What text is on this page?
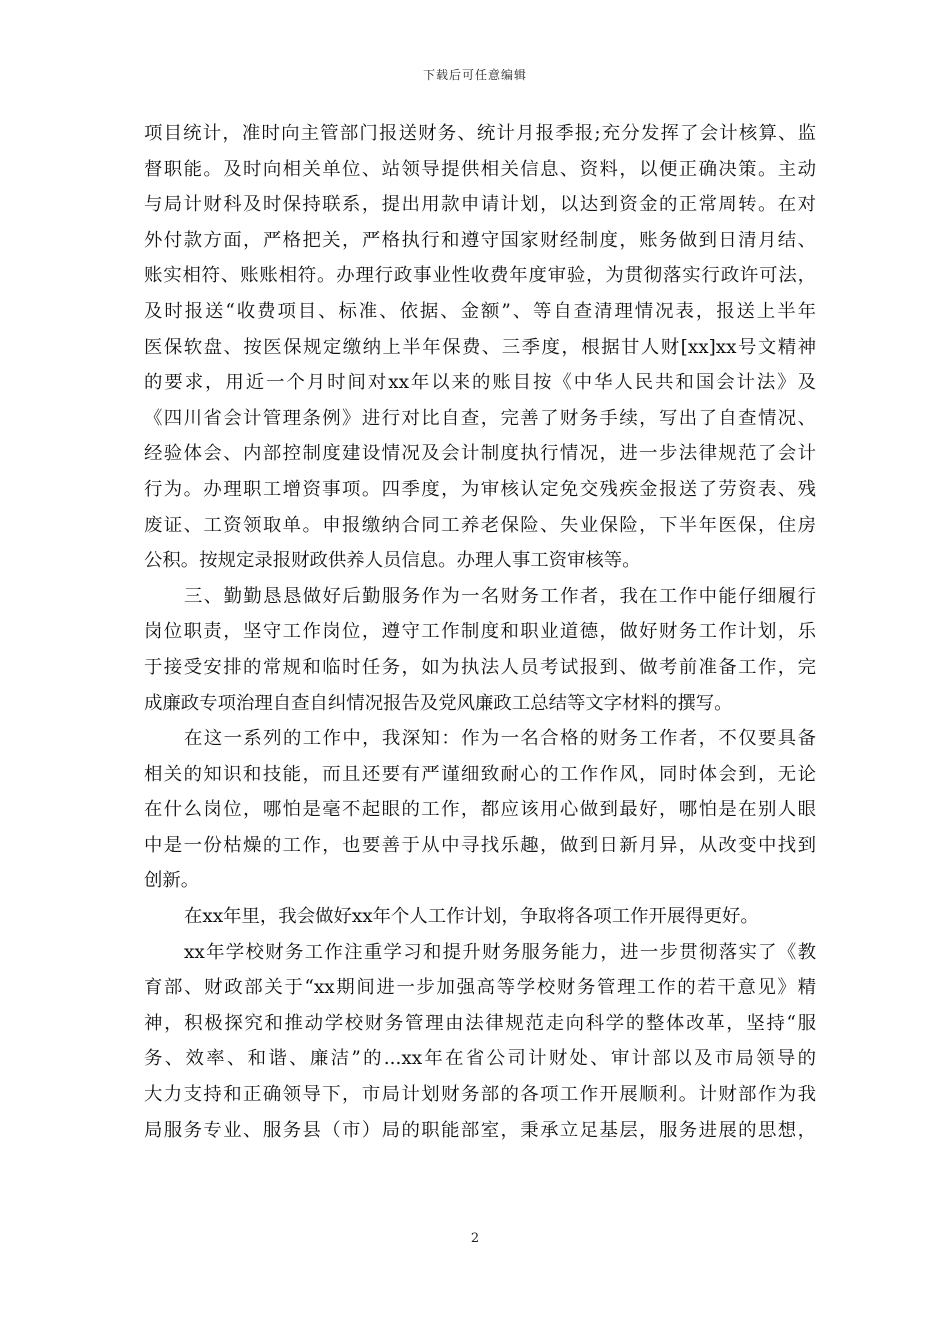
下载后可任意编辑
项目统计，准时向主管部门报送财务、统计月报季报;充分发挥了会计核算、监
督职能。及时向相关单位、站领导提供相关信息、资料，以便正确决策。主动
与局计财科及时保持联系，提出用款申请计划，以达到资金的正常周转。在对
外付款方面，严格把关，严格执行和遵守国家财经制度，账务做到日清月结、
账实相符、账账相符。办理行政事业性收费年度审验，为贯彻落实行政许可法，
及时报送“收费项目、标准、依据、金额”、等自查清理情况表，报送上半年
医保软盘、按医保规定缴纳上半年保费、三季度，根据甘人财[xx]xx号文精神
的要求，用近一个月时间对xx年以来的账目按《中华人民共和国会计法》及
《四川省会计管理条例》进行对比自查，完善了财务手续，写出了自查情况、
经验体会、内部控制度建设情况及会计制度执行情况，进一步法律规范了会计
行为。办理职工增资事项。四季度，为审核认定免交残疾金报送了劳资表、残
废证、工资领取单。申报缴纳合同工养老保险、失业保险，下半年医保，住房
公积。按规定录报财政供养人员信息。办理人事工资审核等。
三、勤勤恳恳做好后勤服务作为一名财务工作者，我在工作中能仔细履行
岗位职责，坚守工作岗位，遵守工作制度和职业道德，做好财务工作计划，乐
于接受安排的常规和临时任务，如为执法人员考试报到、做考前准备工作，完
成廉政专项治理自查自纠情况报告及党风廉政工总结等文字材料的撰写。
在这一系列的工作中，我深知：作为一名合格的财务工作者，不仅要具备
相关的知识和技能，而且还要有严谨细致耐心的工作作风，同时体会到，无论
在什么岗位，哪怕是毫不起眼的工作，都应该用心做到最好，哪怕是在别人眼
中是一份枯燥的工作，也要善于从中寻找乐趣，做到日新月异，从改变中找到
创新。
在xx年里，我会做好xx年个人工作计划，争取将各项工作开展得更好。
xx年学校财务工作注重学习和提升财务服务能力，进一步贯彻落实了《教
育部、财政部关于“xx期间进一步加强高等学校财务管理工作的若干意见》精
神，积极探究和推动学校财务管理由法律规范走向科学的整体改革，坚持“服
务、效率、和谐、廉洁”的...xx年在省公司计财处、审计部以及市局领导的
大力支持和正确领导下，市局计划财务部的各项工作开展顺利。计财部作为我
局服务专业、服务县（市）局的职能部室，秉承立足基层，服务进展的思想，
2
